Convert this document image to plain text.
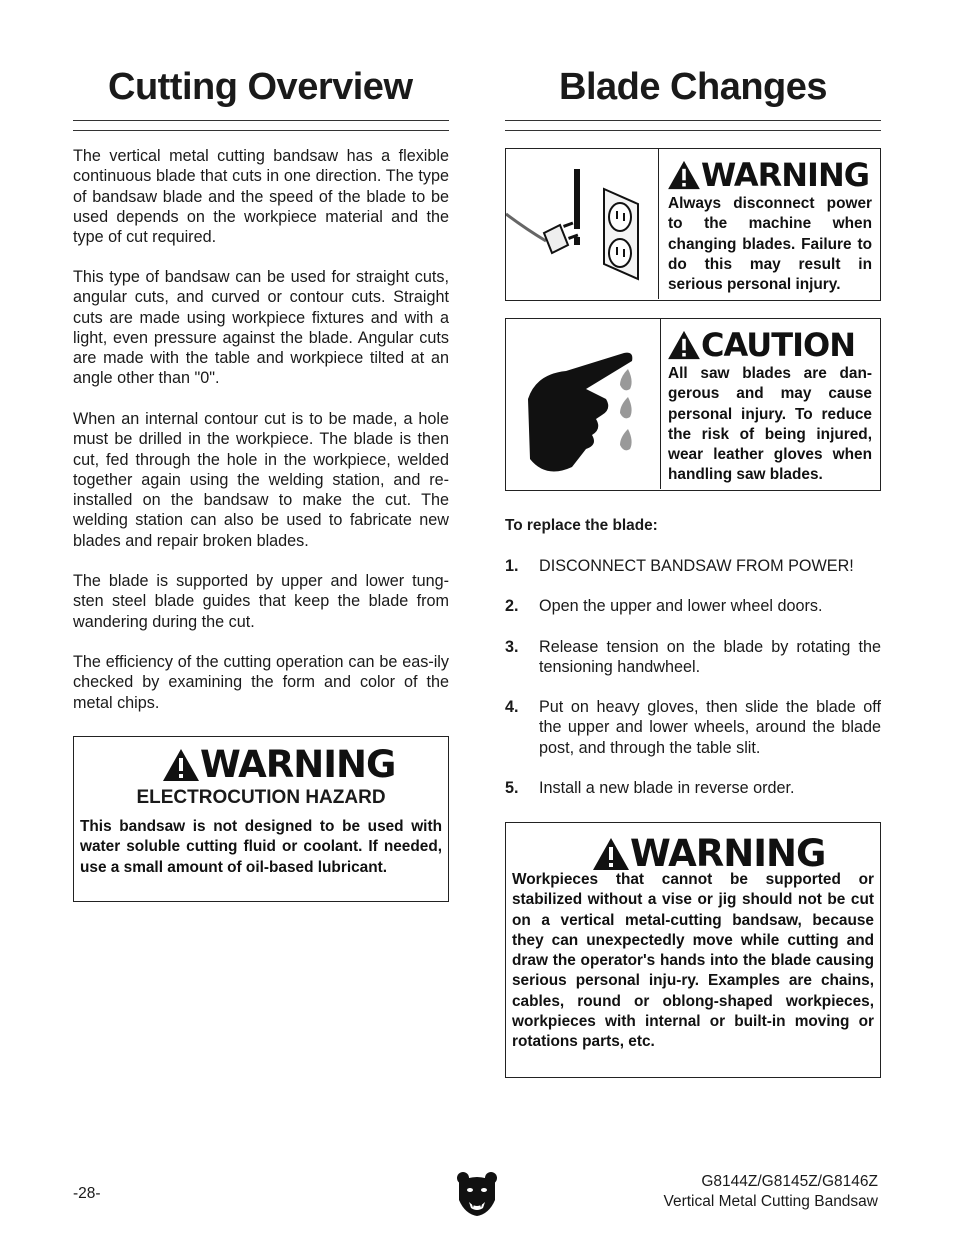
Cutting Overview

The vertical metal cutting bandsaw has a flexible continuous blade that cuts in one direction. The type of bandsaw blade and the speed of the blade to be used depends on the workpiece material and the type of cut required.

This type of bandsaw can be used for straight cuts, angular cuts, and curved or contour cuts. Straight cuts are made using workpiece fixtures and with a light, even pressure against the blade. Angular cuts are made with the table and workpiece tilted at an angle other than "0".

When an internal contour cut is to be made, a hole must be drilled in the workpiece. The blade is then cut, fed through the hole in the workpiece, welded together again using the welding station, and re-installed on the bandsaw to make the cut. The welding station can also be used to fabricate new blades and repair broken blades.

The blade is supported by upper and lower tung-sten steel blade guides that keep the blade from wandering during the cut.

The efficiency of the cutting operation can be eas-ily checked by examining the form and color of the metal chips.

WARNING
ELECTROCUTION HAZARD
This bandsaw is not designed to be used with water soluble cutting fluid or coolant. If needed, use a small amount of oil-based lubricant.
Blade Changes
WARNING
Always disconnect power to the machine when changing blades. Failure to do this may result in serious personal injury.
CAUTION
All saw blades are dan-gerous and may cause personal injury. To reduce the risk of being injured, wear leather gloves when handling saw blades.
To replace the blade:
1.	DISCONNECT BANDSAW FROM POWER!
2.	Open the upper and lower wheel doors.
3.	Release tension on the blade by rotating the tensioning handwheel.
4.	Put on heavy gloves, then slide the blade off the upper and lower wheels, around the blade post, and through the table slit.
5.	Install a new blade in reverse order.
WARNING
Workpieces that cannot be supported or stabilized without a vise or jig should not be cut on a vertical metal-cutting bandsaw, because they can unexpectedly move while cutting and draw the operator's hands into the blade causing serious personal inju-ry. Examples are chains, cables, round or oblong-shaped workpieces, workpieces with internal or built-in moving or rotations parts, etc.
-28-
G8144Z/G8145Z/G8146Z
Vertical Metal Cutting Bandsaw
